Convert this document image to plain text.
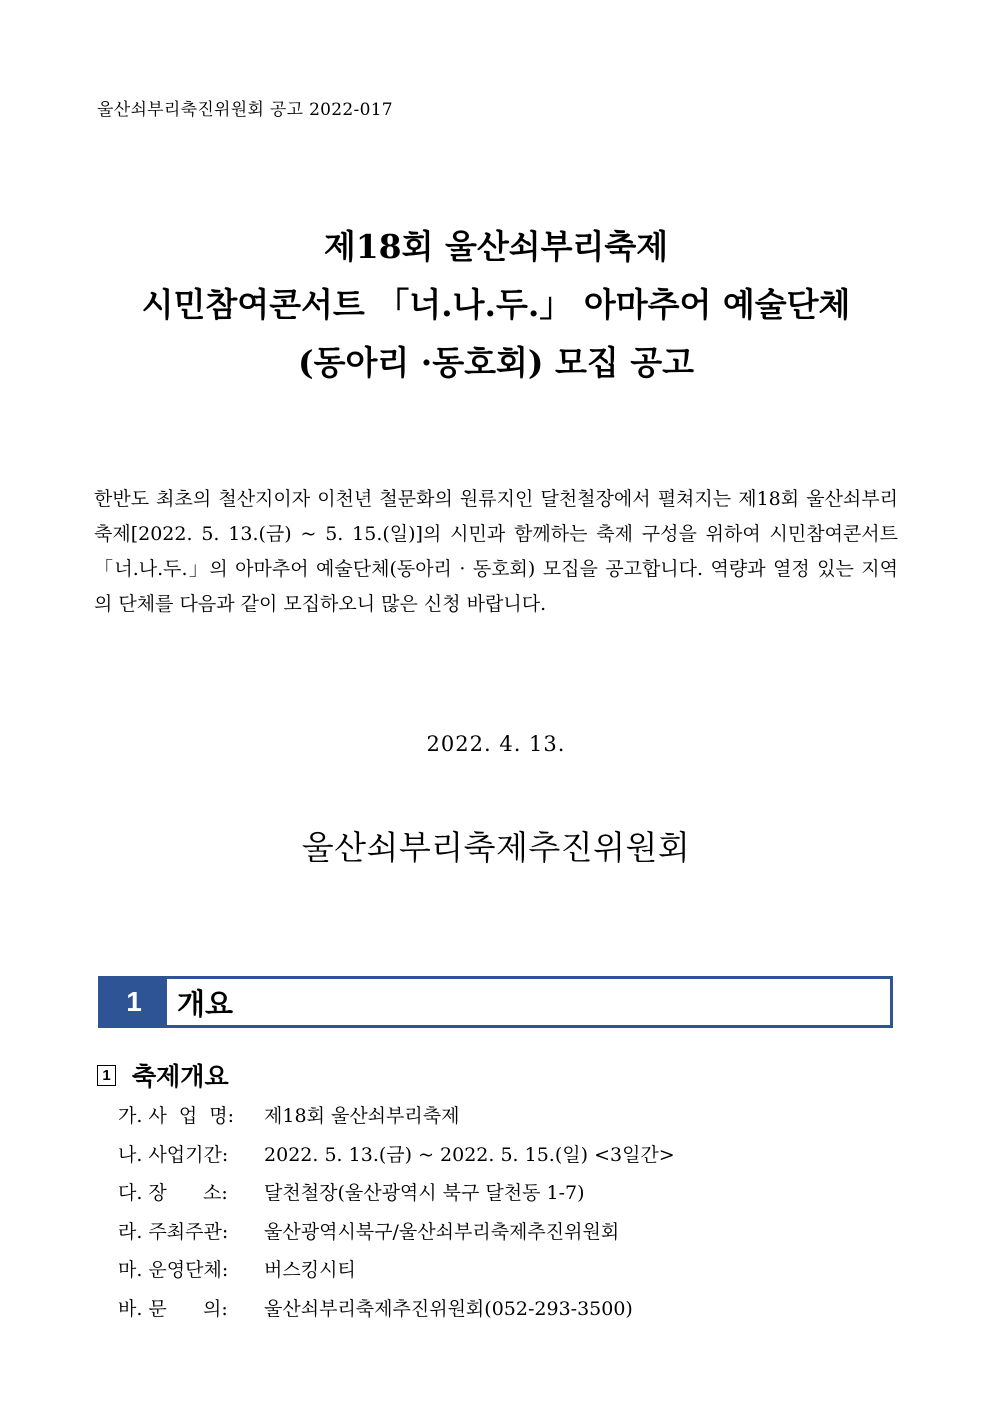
울산쇠부리축진위원회 공고 2022-017
제18회 울산쇠부리축제
시민참여콘서트 「너.나.두.」 아마추어 예술단체
(동아리 ·동호회) 모집 공고
한반도 최초의 철산지이자 이천년 철문화의 원류지인 달천철장에서 펼쳐지는 제18회 울산쇠부리축제[2022. 5. 13.(금) ~ 5. 15.(일)]의 시민과 함께하는 축제 구성을 위하여 시민참여콘서트 「너.나.두.」의 아마추어 예술단체(동아리 · 동호회) 모집을 공고합니다. 역량과 열정 있는 지역의 단체를 다음과 같이 모집하오니 많은 신청 바랍니다.
2022. 4. 13.
울산쇠부리축제추진위원회
1	개요
1 축제개요
가. 사  업  명:	제18회 울산쇠부리축제
나. 사업기간:	2022. 5. 13.(금) ~ 2022. 5. 15.(일) <3일간>
다. 장      소:	달천철장(울산광역시 북구 달천동 1-7)
라. 주최주관:	울산광역시북구/울산쇠부리축제추진위원회
마. 운영단체:	버스킹시티
바. 문      의:	울산쇠부리축제추진위원회(052-293-3500)
